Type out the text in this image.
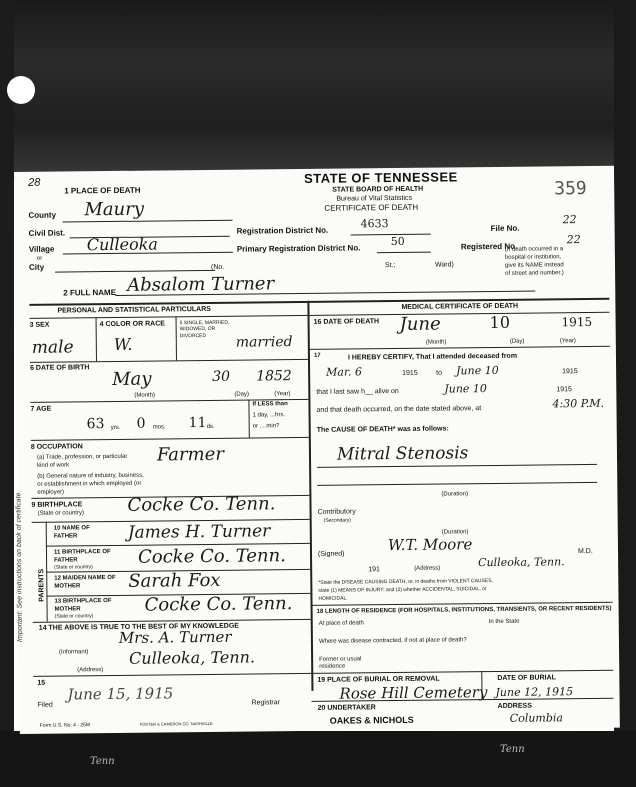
Tenn
Tenn
Important: See instructions on back of certificate.
28
1 PLACE OF DEATH
STATE OF TENNESSEE
STATE BOARD OF HEALTH
Bureau of Vital Statistics
CERTIFICATE OF DEATH
359
County Maury
Civil Dist.
Village
or
Culleoka
City
Registration District No.
4633
Primary Registration District No.
50
File No.
22
Registered No.
22
(No.	St.;	Ward)
(If death occurred in a
hospital or institution,
give its NAME instead
of street and number.)
2 FULL NAME Absalom Turner
PERSONAL AND STATISTICAL PARTICULARS	MEDICAL CERTIFICATE OF DEATH
3 SEX
male
4 COLOR OR RACE
W.
5 SINGLE, MARRIED, WIDOWED, OR DIVORCED	married
6 DATE OF BIRTH
May	30 1852
(Month)	(Day)	(Year)
7 AGE
63 yrs. 0 mos. 11 ds.
If LESS than
1 day, ...hrs.
or ....min?
8 OCCUPATION
(a) Trade, profession, or particular kind of work	Farmer
(b) General nature of industry, business, or establishment in which employed (or employer)
9 BIRTHPLACE
(State or country) Cocke Co. Tenn.
PARENTS
10 NAME OF FATHER	James H. Turner
11 BIRTHPLACE OF FATHER
(State or country)	Cocke Co. Tenn.
12 MAIDEN NAME OF MOTHER	Sarah Fox
13 BIRTHPLACE OF MOTHER
(State or country)
Cocke Co. Tenn.
14 THE ABOVE IS TRUE TO THE BEST OF MY KNOWLEDGE
Mrs. A. Turner
(Informant)	Culleoka, Tenn.
(Address)
15
Filed
June 15, 1915	Registrar
16 DATE OF DEATH June	10	1915
(Month)	(Day)	(Year)
17	I HEREBY CERTIFY, That I attended deceased from
Mar. 6	1915	to June 10	1915
that I last saw h__ alive on	June 10	1915
and that death occurred, on the date stated above, at	4:30 P.M.
The CAUSE OF DEATH* was as follows:
Mitral Stenosis
(Duration)
Contributory
(Secondary)
(Duration)
(Signed)
W.T. Moore	M.D.
191	(Address)	Culleoka, Tenn.
*State the DISEASE CAUSING DEATH, or, in deaths from VIOLENT CAUSES,
state (1) MEANS OF INJURY; and (2) whether ACCIDENTAL, SUICIDAL, or
HOMICIDAL.
18 LENGTH OF RESIDENCE (FOR HOSPITALS, INSTITUTIONS, TRANSIENTS, OR RECENT RESIDENTS)
At place of death	In the State
Where was disease contracted, if not at place of death?
Former or usual residence
19 PLACE OF BURIAL OR REMOVAL
Rose Hill Cemetery
DATE OF BURIAL
June 12, 1915
20 UNDERTAKER
OAKES & NICHOLS
ADDRESS
Columbia
Form U.S. No. 4 - 25M	FOSTER & CAMERON CO. NASHVILLE
